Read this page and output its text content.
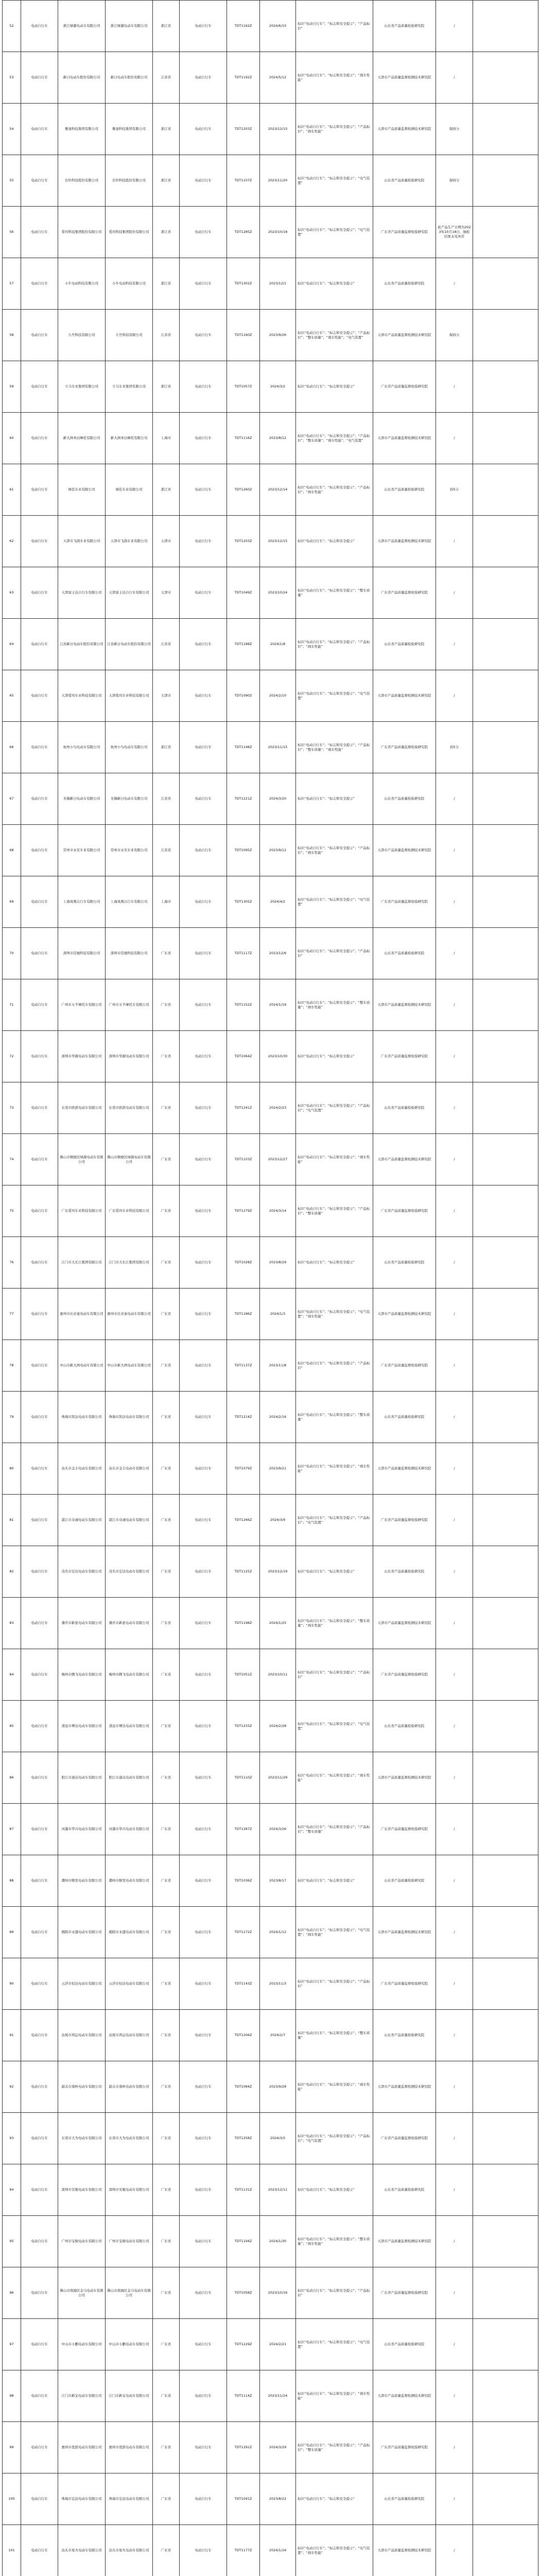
52	电动自行车	浙江绿源电动车有限公司	浙江绿源电动车有限公司	浙江省	电动自行车	TDT1162Z	2024/6/10	标识“电动自行车”；“标志和安全提示”；“产品标识”	山东省产品质量检验研究院	/	
53	电动自行车	新日电动车股份有限公司	新日电动车股份有限公司	江苏省	电动自行车	TDT1192Z	2024/5/12	标识“电动自行车”；“标志和安全提示”；“刹车性能”	天津市产品质量监督检测技术研究院	/	
54	电动自行车	雅迪科技集团有限公司	雅迪科技集团有限公司	浙江省	电动自行车	TDT1203Z	2023/12/15	标识“电动自行车”；“标志和安全提示”；“产品标识”；“刹车性能”	天津市产品质量监督检测技术研究院	保持分	
55	电动自行车	台铃科技股份有限公司	台铃科技股份有限公司	浙江省	电动自行车	TDT1107Z	2023/11/20	标识“电动自行车”；“标志和安全提示”；“电气装置”	山东省产品质量检验研究院	保持分	
56	电动自行车	爱玛科技集团股份有限公司	爱玛科技集团股份有限公司	浙江省	电动自行车	TDT1285Z	2023/10/18	标识“电动自行车”；“标志和安全提示”；“电气装置”	广东省产品质量监督检验研究院	此产品生产日期为2023年10月18日，抽检结果未见异常	
57	电动自行车	小牛电动科技有限公司	小牛电动科技有限公司	浙江省	电动自行车	TDT1302Z	2023/12/1	标识“电动自行车”；“标志和安全提示”	山东省产品质量检验研究院	/	
58	电动自行车	九号科技有限公司	九号科技有限公司	江苏省	电动自行车	TDT1160Z	2023/9/26	标识“电动自行车”；“标志和安全提示”；“产品标识”；“整车质量”；“刹车性能”；“电气装置”	天津市产品质量监督检测技术研究院	保持分	
59	电动自行车	立马车业集团有限公司	立马车业集团有限公司	浙江省	电动自行车	TDT1057Z	2024/3/2	标识“电动自行车”；“标志和安全提示”	广东省产品质量监督检验研究院	/	
60	电动自行车	新大洲本田摩托有限公司	新大洲本田摩托有限公司	上海市	电动自行车	TDT1116Z	2023/8/12	标识“电动自行车”；“标志和安全提示”；“产品标识”；“整车质量”；“刹车性能”；“电气装置”	天津市产品质量监督检测技术研究院	/	
61	电动自行车	绿佳车业有限公司	绿佳车业有限公司	浙江省	电动自行车	TDT1260Z	2023/12/14	标识“电动自行车”；“标志和安全提示”；“产品标识”；“刹车性能”	山东省产品质量检验研究院	扣5分	
62	电动自行车	天津市飞鸽车业有限公司	天津市飞鸽车业有限公司	天津市	电动自行车	TDT1203Z	2023/12/15	标识“电动自行车”；“标志和安全提示”	天津市产品质量监督检测技术研究院	/	
63	电动自行车	天津富士达自行车有限公司	天津富士达自行车有限公司	天津市	电动自行车	TDT1049Z	2023/10/24	标识“电动自行车”；“标志和安全提示”；“整车质量”	广东省产品质量监督检验研究院	/	
64	电动自行车	江苏新日电动车股份有限公司	江苏新日电动车股份有限公司	江苏省	电动自行车	TDT1188Z	2024/1/8	标识“电动自行车”；“标志和安全提示”；“产品标识”；“刹车性能”	山东省产品质量检验研究院	/	
65	电动自行车	天津爱玛车业科技有限公司	天津爱玛车业科技有限公司	天津市	电动自行车	TDT1090Z	2024/2/10	标识“电动自行车”；“标志和安全提示”；“电气装置”	天津市产品质量监督检测技术研究院	/	
66	电动自行车	杭州小鸟电动车有限公司	杭州小鸟电动车有限公司	浙江省	电动自行车	TDT1148Z	2023/11/15	标识“电动自行车”；“标志和安全提示”；“产品标识”；“整车质量”；“刹车性能”	广东省产品质量监督检验研究院	扣5分	
67	电动自行车	无锡新日电动车有限公司	无锡新日电动车有限公司	江苏省	电动自行车	TDT1221Z	2024/3/20	标识“电动自行车”；“标志和安全提示”	山东省产品质量检验研究院	/	
68	电动自行车	常州市永安车业有限公司	常州市永安车业有限公司	江苏省	电动自行车	TDT1095Z	2023/9/12	标识“电动自行车”；“标志和安全提示”；“产品标识”；“刹车性能”	天津市产品质量监督检测技术研究院	/	
69	电动自行车	上海凤凰自行车有限公司	上海凤凰自行车有限公司	上海市	电动自行车	TDT1305Z	2024/4/2	标识“电动自行车”；“标志和安全提示”；“电气装置”	广东省产品质量监督检验研究院	/	
70	电动自行车	深圳市佳驰科技有限公司	深圳市佳驰科技有限公司	广东省	电动自行车	TDT1117Z	2023/12/6	标识“电动自行车”；“标志和安全提示”；“产品标识”	山东省产品质量检验研究院	/	
71	电动自行车	广州市五羊摩托车有限公司	广州市五羊摩托车有限公司	广东省	电动自行车	TDT1152Z	2024/1/19	标识“电动自行车”；“标志和安全提示”；“整车质量”；“刹车性能”	天津市产品质量监督检测技术研究院	/	
72	电动自行车	深圳市华源电动车有限公司	深圳市华源电动车有限公司	广东省	电动自行车	TDT1064Z	2023/10/30	标识“电动自行车”；“标志和安全提示”	广东省产品质量监督检验研究院	/	
73	电动自行车	东莞市欧派电动车有限公司	东莞市欧派电动车有限公司	广东省	电动自行车	TDT1241Z	2024/2/23	标识“电动自行车”；“标志和安全提示”；“产品标识”；“电气装置”	山东省产品质量检验研究院	/	
74	电动自行车	佛山市顺德区绿源电动车有限公司	佛山市顺德区绿源电动车有限公司	广东省	电动自行车	TDT1103Z	2023/12/27	标识“电动自行车”；“标志和安全提示”；“刹车性能”	天津市产品质量监督检测技术研究院	/	
75	电动自行车	广东爱玛车业科技有限公司	广东爱玛车业科技有限公司	广东省	电动自行车	TDT1279Z	2024/3/14	标识“电动自行车”；“标志和安全提示”；“产品标识”；“整车质量”	广东省产品质量监督检验研究院	/	
76	电动自行车	江门市大长江集团有限公司	江门市大长江集团有限公司	广东省	电动自行车	TDT1028Z	2023/8/29	标识“电动自行车”；“标志和安全提示”	山东省产品质量检验研究院	/	
77	电动自行车	惠州市比亚迪电动车有限公司	惠州市比亚迪电动车有限公司	广东省	电动自行车	TDT1186Z	2024/1/3	标识“电动自行车”；“标志和安全提示”；“电气装置”；“刹车性能”	天津市产品质量监督检测技术研究院	/	
78	电动自行车	中山市新大洲电动车有限公司	中山市新大洲电动车有限公司	广东省	电动自行车	TDT1137Z	2023/11/8	标识“电动自行车”；“标志和安全提示”；“产品标识”	广东省产品质量监督检验研究院	/	
79	电动自行车	珠海市凯达电动车有限公司	珠海市凯达电动车有限公司	广东省	电动自行车	TDT1214Z	2024/2/16	标识“电动自行车”；“标志和安全提示”；“整车质量”	山东省产品质量检验研究院	/	
80	电动自行车	汕头市金丰电动车有限公司	汕头市金丰电动车有限公司	广东省	电动自行车	TDT1079Z	2023/9/21	标识“电动自行车”；“标志和安全提示”；“刹车性能”	天津市产品质量监督检测技术研究院	/	
81	电动自行车	湛江市众诚电动车有限公司	湛江市众诚电动车有限公司	广东省	电动自行车	TDT1266Z	2024/3/9	标识“电动自行车”；“标志和安全提示”；“产品标识”；“电气装置”	广东省产品质量监督检验研究院	/	
82	电动自行车	茂名市宏达电动车有限公司	茂名市宏达电动车有限公司	广东省	电动自行车	TDT1125Z	2023/12/19	标识“电动自行车”；“标志和安全提示”	山东省产品质量检验研究院	/	
83	电动自行车	肇庆市新星电动车有限公司	肇庆市新星电动车有限公司	广东省	电动自行车	TDT1198Z	2024/1/25	标识“电动自行车”；“标志和安全提示”；“整车质量”；“刹车性能”	天津市产品质量监督检测技术研究院	/	
84	电动自行车	梅州市腾飞电动车有限公司	梅州市腾飞电动车有限公司	广东省	电动自行车	TDT1051Z	2023/10/11	标识“电动自行车”；“标志和安全提示”；“产品标识”	广东省产品质量监督检验研究院	/	
85	电动自行车	清远市博达电动车有限公司	清远市博达电动车有限公司	广东省	电动自行车	TDT1233Z	2024/2/28	标识“电动自行车”；“标志和安全提示”；“电气装置”	山东省产品质量检验研究院	/	
86	电动自行车	阳江市通达电动车有限公司	阳江市通达电动车有限公司	广东省	电动自行车	TDT1110Z	2023/11/29	标识“电动自行车”；“标志和安全提示”；“刹车性能”	天津市产品质量监督检测技术研究院	/	
87	电动自行车	河源市华兴电动车有限公司	河源市华兴电动车有限公司	广东省	电动自行车	TDT1287Z	2024/3/26	标识“电动自行车”；“标志和安全提示”；“产品标识”；“整车质量”	广东省产品质量监督检验研究院	/	
88	电动自行车	潮州市顺发电动车有限公司	潮州市顺发电动车有限公司	广东省	电动自行车	TDT1036Z	2023/8/17	标识“电动自行车”；“标志和安全提示”	山东省产品质量检验研究院	/	
89	电动自行车	揭阳市永盛电动车有限公司	揭阳市永盛电动车有限公司	广东省	电动自行车	TDT1172Z	2024/1/12	标识“电动自行车”；“标志和安全提示”；“电气装置”；“刹车性能”	天津市产品质量监督检测技术研究院	/	
90	电动自行车	云浮市恒达电动车有限公司	云浮市恒达电动车有限公司	广东省	电动自行车	TDT1143Z	2023/11/3	标识“电动自行车”；“标志和安全提示”；“产品标识”	广东省产品质量监督检验研究院	/	
91	电动自行车	汕尾市鸿运电动车有限公司	汕尾市鸿运电动车有限公司	广东省	电动自行车	TDT1206Z	2024/2/7	标识“电动自行车”；“标志和安全提示”；“整车质量”	山东省产品质量检验研究院	/	
92	电动自行车	韶关市南岭电动车有限公司	韶关市南岭电动车有限公司	广东省	电动自行车	TDT1084Z	2023/9/28	标识“电动自行车”；“标志和安全提示”；“刹车性能”	天津市产品质量监督检测技术研究院	/	
93	电动自行车	东莞市大为电动车有限公司	东莞市大为电动车有限公司	广东省	电动自行车	TDT1258Z	2024/3/5	标识“电动自行车”；“标志和安全提示”；“产品标识”；“电气装置”	广东省产品质量监督检验研究院	/	
94	电动自行车	深圳市安驰电动车有限公司	深圳市安驰电动车有限公司	广东省	电动自行车	TDT1131Z	2023/12/11	标识“电动自行车”；“标志和安全提示”	山东省产品质量检验研究院	/	
95	电动自行车	广州市宝骏电动车有限公司	广州市宝骏电动车有限公司	广东省	电动自行车	TDT1194Z	2024/1/30	标识“电动自行车”；“标志和安全提示”；“整车质量”；“刹车性能”	天津市产品质量监督检测技术研究院	/	
96	电动自行车	佛山市南海区金马电动车有限公司	佛山市南海区金马电动车有限公司	广东省	电动自行车	TDT1058Z	2023/10/16	标识“电动自行车”；“标志和安全提示”；“产品标识”	广东省产品质量监督检验研究院	/	
97	电动自行车	中山市小鹏电动车有限公司	中山市小鹏电动车有限公司	广东省	电动自行车	TDT1229Z	2024/2/21	标识“电动自行车”；“标志和安全提示”；“电气装置”	山东省产品质量检验研究院	/	
98	电动自行车	江门市新宝电动车有限公司	江门市新宝电动车有限公司	广东省	电动自行车	TDT1114Z	2023/11/24	标识“电动自行车”；“标志和安全提示”；“刹车性能”	天津市产品质量监督检测技术研究院	/	
99	电动自行车	惠州市优派电动车有限公司	惠州市优派电动车有限公司	广东省	电动自行车	TDT1291Z	2024/3/29	标识“电动自行车”；“标志和安全提示”；“产品标识”；“整车质量”	广东省产品质量监督检验研究院	/	
100	电动自行车	珠海市宏远电动车有限公司	珠海市宏远电动车有限公司	广东省	电动自行车	TDT1041Z	2023/8/22	标识“电动自行车”；“标志和安全提示”	山东省产品质量检验研究院	/	
101	电动自行车	汕头市星火电动车有限公司	汕头市星火电动车有限公司	广东省	电动自行车	TDT1177Z	2024/1/16	标识“电动自行车”；“标志和安全提示”；“电气装置”；“刹车性能”	天津市产品质量监督检测技术研究院	/	
